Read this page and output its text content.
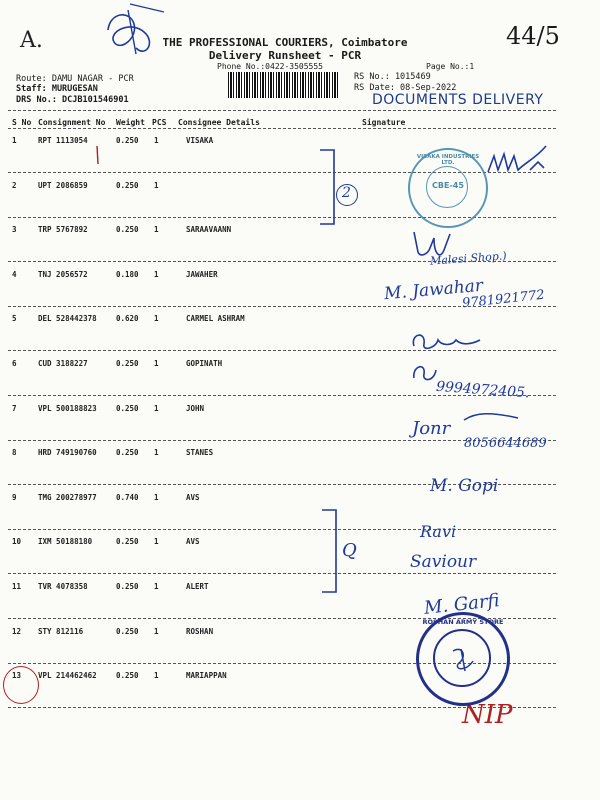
A.	THE PROFESSIONAL COURIERS, Coimbatore
Delivery Runsheet - PCR
Phone No.:0422-3505555	Page No.:1
44/5
Route: DAMU NAGAR - PCR
Staff: MURUGESAN
DRS No.: DCJB101546901
RS No.: 1015469
RS Date: 08-Sep-2022
DOCUMENTS DELIVERY
S No Consignment No Weight PCS Consignee Details	Signature
1	RPT 1113054	0.250 1	VISAKA
2	UPT 2086859	0.250 1
3	TRP 5767892	0.250 1	SARAAVAANN
4	TNJ 2056572	0.180 1	JAWAHER
5	DEL 528442378	0.620 1	CARMEL ASHRAM
6	CUD 3188227	0.250 1	GOPINATH
7	VPL 500188823	0.250 1	JOHN
8	HRD 749190760	0.250 1	STANES
9	TMG 200278977	0.740 1	AVS
10 IXM 50188180	0.250 1	AVS
11 TVR 4078358	0.250 1	ALERT
12 STY 812116	0.250 1	ROSHAN
13 VPL 214462462	0.250 1	MARIAPPAN
2
Malesi Shop.)
M. Jawahar
9781921772
9994972405.
Jonr
8056644689
M. Gopi
Q
Ravi
Saviour
M. Garfi
NIP
VISAKA INDUSTRIES LTD.
CBE-45
ROSHAN ARMY STORE
